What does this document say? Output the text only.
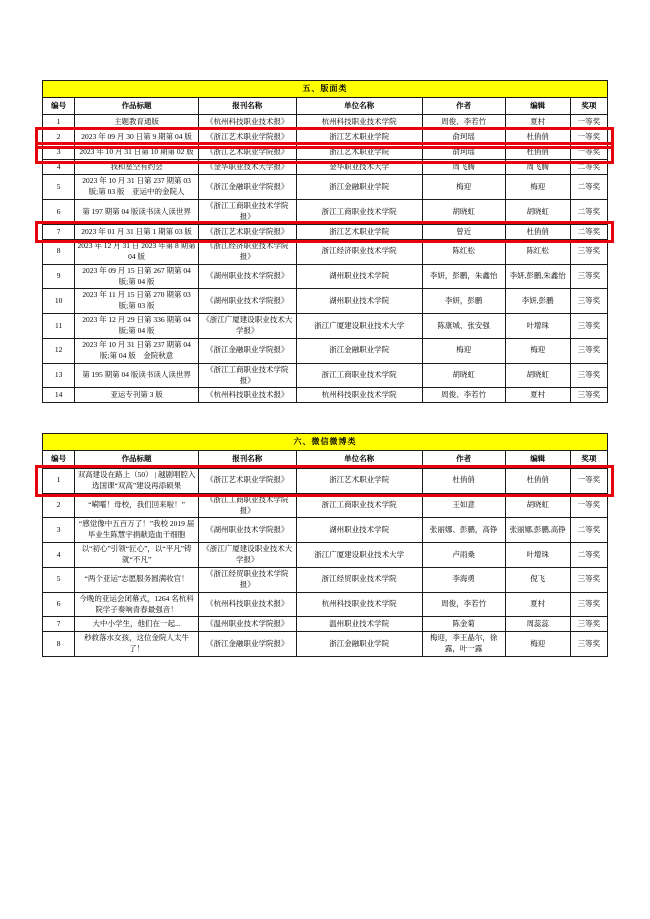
五、版面类						
编号	作品标题	报刊名称	单位名称	作者	编辑	奖项
1	主题教育通版	《杭州科技职业技术报》	杭州科技职业技术学院	周俊、李若竹	夏村	一等奖
2	2023 年 09 月 30 日第 9 期第 04 版	《浙江艺术职业学院报》	浙江艺术职业学院	俞珂瑶	杜俏俏	一等奖
3	2023 年 10 月 31 日第 10 期第 02 版	《浙江艺术职业学院报》	浙江艺术职业学院	俞珂瑶	杜俏俏	一等奖
4	我和星空有约会	《金华职业技术大学报》	金华职业技术大学	周飞腾	周飞腾	二等奖
5	2023 年 10 月 31 日第 237 期第 03 版;第 03 版　亚运中的金院人	《浙江金融职业学院报》	浙江金融职业学院	梅迎	梅迎	二等奖
6	第 197 期第 04 版读书读人读世界	《浙江工商职业技术学院报》	浙江工商职业技术学院	胡晓虹	胡晓虹	二等奖
7	2023 年 01 月 31 日第 1 期第 03 版	《浙江艺术职业学院报》	浙江艺术职业学院	曾近	杜俏俏	二等奖
8	2023 年 12 月 31 日 2023 年第 8 期第 04 版	《浙江经济职业技术学院报》	浙江经济职业技术学院	陈红松	陈红松	三等奖
9	2023 年 09 月 15 日第 267 期第 04 版;第 04 版	《湖州职业技术学院报》	湖州职业技术学院	李妍，彭鹏，朱鑫怡	李妍,彭鹏,朱鑫怡	三等奖
10	2023 年 11 月 15 日第 270 期第 03 版;第 03 版	《湖州职业技术学院报》	湖州职业技术学院	李妍，彭鹏	李妍,彭鹏	三等奖
11	2023 年 12 月 29 日第 336 期第 04 版;第 04 版	《浙江广厦建设职业技术大学报》	浙江广厦建设职业技术大学	陈康城、张安强	叶增珠	三等奖
12	2023 年 10 月 31 日第 237 期第 04 版;第 04 版　金院秋意	《浙江金融职业学院报》	浙江金融职业学院	梅迎	梅迎	三等奖
13	第 195 期第 04 版读书读人读世界	《浙江工商职业技术学院报》	浙江工商职业技术学院	胡晓虹	胡晓虹	三等奖
14	亚运专刊第 3 版	《杭州科技职业技术报》	杭州科技职业技术学院	周俊、李若竹	夏村	三等奖
六、微信微博类						
编号	作品标题	报刊名称	单位名称	作者	编辑	奖项
1	双高建设在路上（50） | 越剧唱腔入选国课“双高”建设再添硕果	《浙江艺术职业学院报》	浙江艺术职业学院	杜俏俏	杜俏俏	一等奖
2	“嗬嚯！母校，我们回来啦！”	《浙江工商职业技术学院报》	浙江工商职业技术学院	王如意	胡晓虹	一等奖
3	“感觉像中五百万了！”我校 2019 届毕业生陈慧宇捐献造血干细胞	《湖州职业技术学院报》	湖州职业技术学院	张丽娜、彭鹏，高铮	张丽娜,彭鹏,高铮	二等奖
4	以“初心”引领“匠心”，以“平凡”铸就“不凡”	《浙江广厦建设职业技术大学报》	浙江广厦建设职业技术大学	卢雨桑	叶增珠	二等奖
5	“两个亚运”志愿服务圆满收官！	《浙江经贸职业技术学院报》	浙江经贸职业技术学院	李海勇	倪飞	三等奖
6	今晚的亚运会闭幕式，1264 名杭科院学子奏响青春最强音！	《杭州科技职业技术报》	杭州科技职业技术学院	周俊，李若竹	夏村	三等奖
7	大中小学生，他们在一起...	《温州职业技术学院报》	温州职业技术学院	陈金菊	周蕊蕊	三等奖
8	秒救落水女孩，这位金院人太牛了！	《浙江金融职业学院报》	浙江金融职业学院	梅迎，李王晶尔，徐露，叶一露	梅迎	三等奖
